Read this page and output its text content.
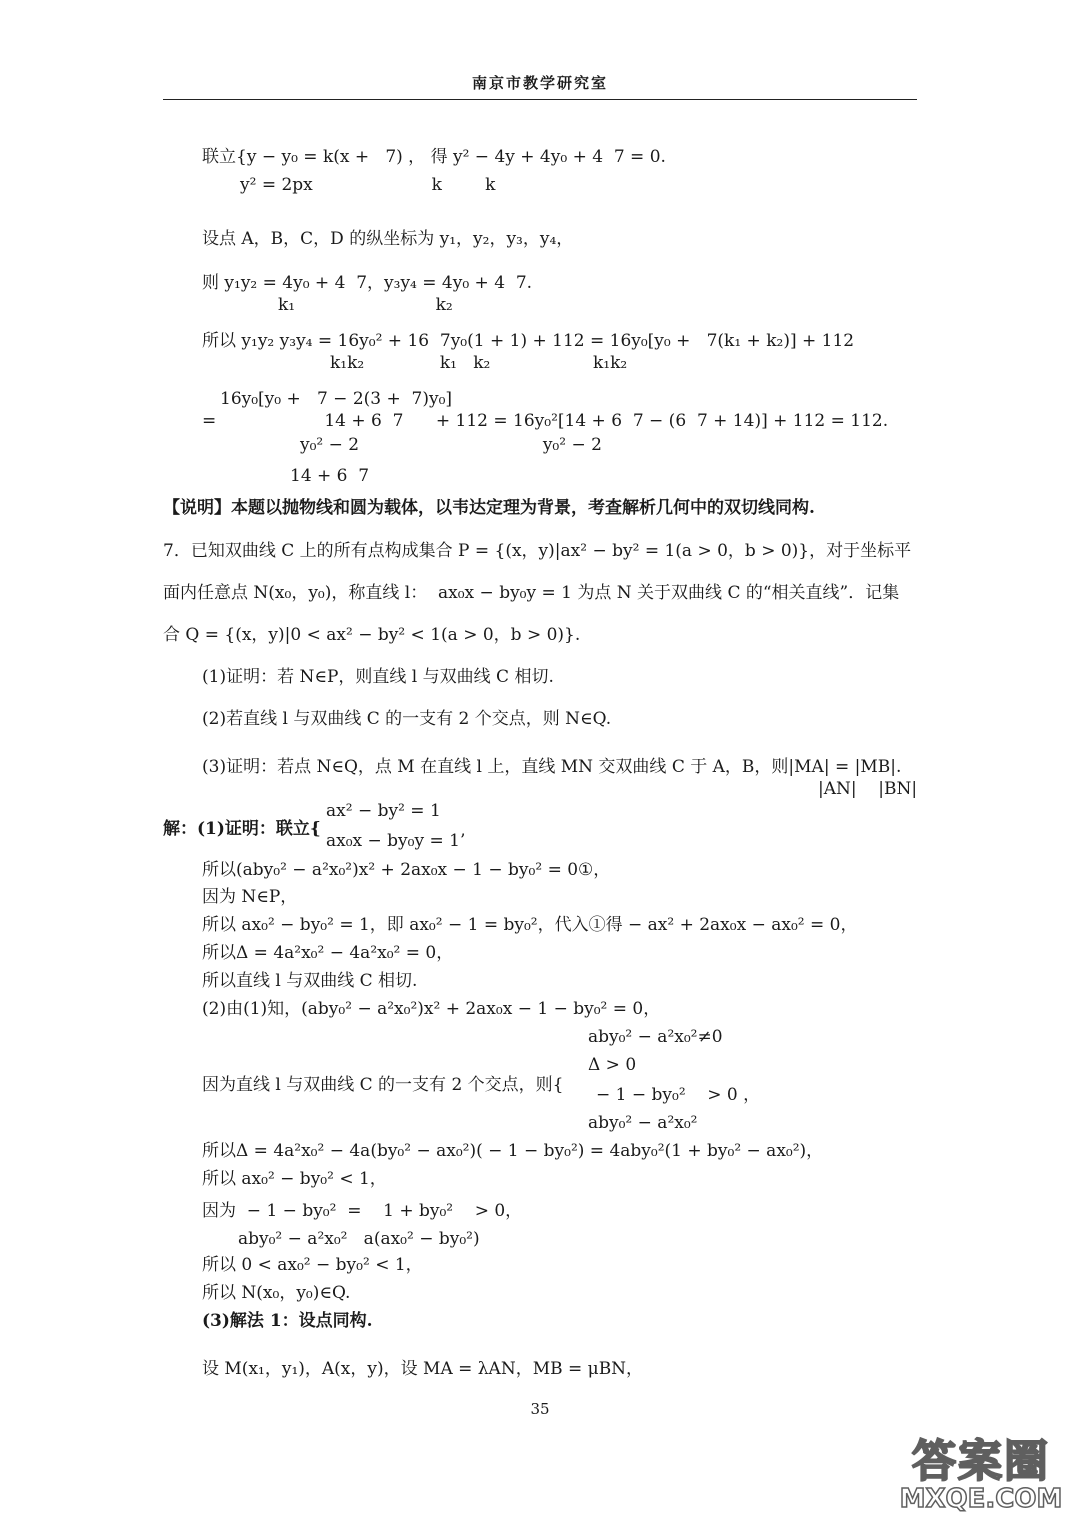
南京市教学研究室
联立{y − y₀ = k(x +   7) ， 得 y² − 4y + 4y₀ + 4  7 = 0.
y² = 2px                      k        k
设点 A，B，C，D 的纵坐标为 y₁，y₂，y₃，y₄，
则 y₁y₂ = 4y₀ + 4  7，y₃y₄ = 4y₀ + 4  7.
k₁                          k₂
所以 y₁y₂ y₃y₄ = 16y₀² + 16  7y₀(1 + 1) + 112 = 16y₀[y₀ +   7(k₁ + k₂)] + 112
k₁k₂              k₁   k₂                   k₁k₂
16y₀[y₀ +   7 − 2(3 +  7)y₀]
=                    14 + 6  7      + 112 = 16y₀²[14 + 6  7 − (6  7 + 14)] + 112 = 112.
y₀² − 2                                  y₀² − 2
14 + 6  7
【说明】本题以抛物线和圆为载体，以韦达定理为背景，考查解析几何中的双切线同构.
7．已知双曲线 C 上的所有点构成集合 P = {(x，y)|ax² − by² = 1(a > 0，b > 0)}，对于坐标平
面内任意点 N(x₀，y₀)，称直线 l：  ax₀x − by₀y = 1 为点 N 关于双曲线 C 的“相关直线”．记集
合 Q = {(x，y)|0 < ax² − by² < 1(a > 0，b > 0)}.
(1)证明：若 N∈P，则直线 l 与双曲线 C 相切.
(2)若直线 l 与双曲线 C 的一支有 2 个交点，则 N∈Q.
(3)证明：若点 N∈Q，点 M 在直线 l 上，直线 MN 交双曲线 C 于 A，B，则|MA| = |MB|.
|AN|    |BN|
ax² − by² = 1
解：(1)证明：联立{
ax₀x − by₀y = 1’
所以(aby₀² − a²x₀²)x² + 2ax₀x − 1 − by₀² = 0①，
因为 N∈P，
所以 ax₀² − by₀² = 1，即 ax₀² − 1 = by₀²，代入①得 − ax² + 2ax₀x − ax₀² = 0，
所以Δ = 4a²x₀² − 4a²x₀² = 0，
所以直线 l 与双曲线 C 相切.
(2)由(1)知，(aby₀² − a²x₀²)x² + 2ax₀x − 1 − by₀² = 0，
aby₀² − a²x₀²≠0
Δ > 0
因为直线 l 与双曲线 C 的一支有 2 个交点，则{	− 1 − by₀²    > 0 ，
aby₀² − a²x₀²
所以Δ = 4a²x₀² − 4a(by₀² − ax₀²)( − 1 − by₀²) = 4aby₀²(1 + by₀² − ax₀²)，
所以 ax₀² − by₀² < 1，
因为  − 1 − by₀²  =    1 + by₀²    > 0，
aby₀² − a²x₀²   a(ax₀² − by₀²)
所以 0 < ax₀² − by₀² < 1，
所以 N(x₀，y₀)∈Q.
(3)解法 1：设点同构.
设 M(x₁，y₁)，A(x，y)，设 MA = λAN，MB = μBN，
35
答案圈
MXQE.COM
